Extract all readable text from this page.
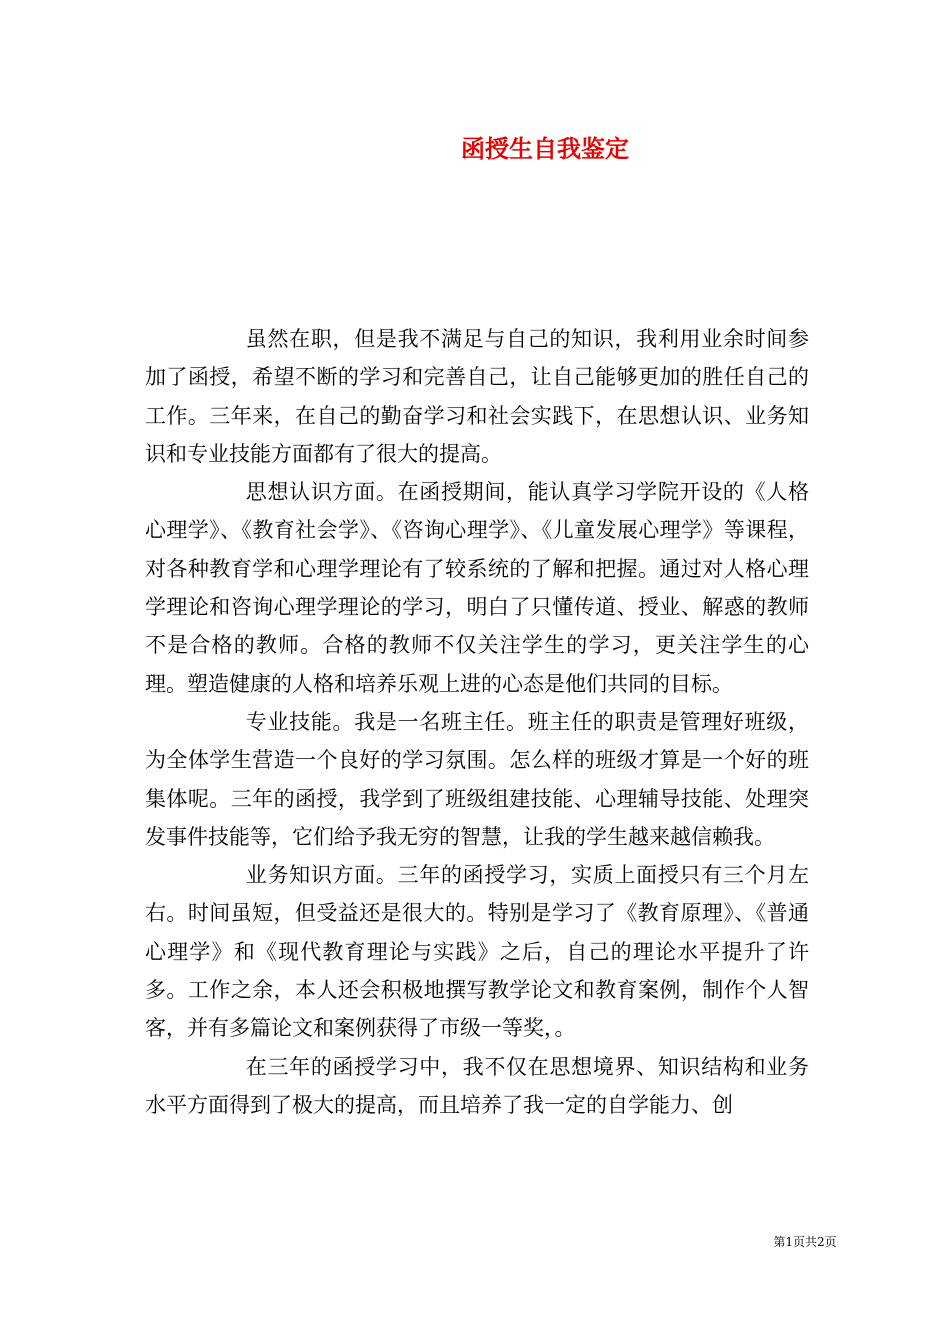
函授生自我鉴定

虽然在职，但是我不满足与自己的知识，我利用业余时间参加了函授，希望不断的学习和完善自己，让自己能够更加的胜任自己的工作。三年来，在自己的勤奋学习和社会实践下，在思想认识、业务知识和专业技能方面都有了很大的提高。

思想认识方面。在函授期间，能认真学习学院开设的《人格心理学》、《教育社会学》、《咨询心理学》、《儿童发展心理学》等课程，对各种教育学和心理学理论有了较系统的了解和把握。通过对人格心理学理论和咨询心理学理论的学习，明白了只懂传道、授业、解惑的教师不是合格的教师。合格的教师不仅关注学生的学习，更关注学生的心理。塑造健康的人格和培养乐观上进的心态是他们共同的目标。

专业技能。我是一名班主任。班主任的职责是管理好班级，为全体学生营造一个良好的学习氛围。怎么样的班级才算是一个好的班集体呢。三年的函授，我学到了班级组建技能、心理辅导技能、处理突发事件技能等，它们给予我无穷的智慧，让我的学生越来越信赖我。

业务知识方面。三年的函授学习，实质上面授只有三个月左右。时间虽短，但受益还是很大的。特别是学习了《教育原理》、《普通心理学》和《现代教育理论与实践》之后，自己的理论水平提升了许多。工作之余，本人还会积极地撰写教学论文和教育案例，制作个人智客，并有多篇论文和案例获得了市级一等奖，。

在三年的函授学习中，我不仅在思想境界、知识结构和业务水平方面得到了极大的提高，而且培养了我一定的自学能力、创

第1页共2页
